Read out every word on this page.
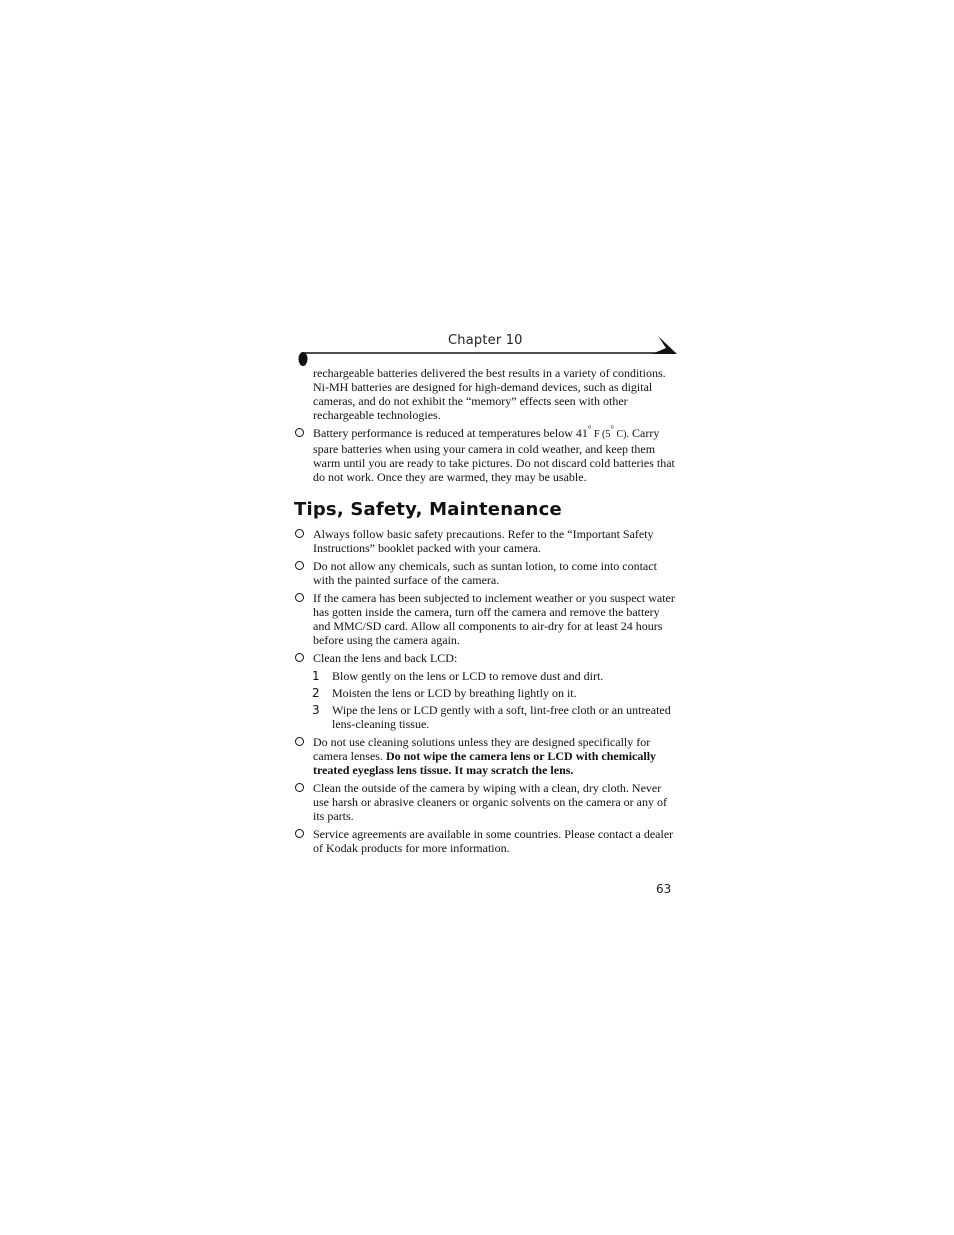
Chapter 10

rechargeable batteries delivered the best results in a variety of conditions. Ni-MH batteries are designed for high-demand devices, such as digital cameras, and do not exhibit the “memory” effects seen with other rechargeable technologies.

Battery performance is reduced at temperatures below 41° F (5° C). Carry spare batteries when using your camera in cold weather, and keep them warm until you are ready to take pictures. Do not discard cold batteries that do not work. Once they are warmed, they may be usable.

Tips, Safety, Maintenance

Always follow basic safety precautions. Refer to the “Important Safety Instructions” booklet packed with your camera.

Do not allow any chemicals, such as suntan lotion, to come into contact with the painted surface of the camera.

If the camera has been subjected to inclement weather or you suspect water has gotten inside the camera, turn off the camera and remove the battery and MMC/SD card. Allow all components to air-dry for at least 24 hours before using the camera again.

Clean the lens and back LCD:

1 Blow gently on the lens or LCD to remove dust and dirt.

2 Moisten the lens or LCD by breathing lightly on it.

3 Wipe the lens or LCD gently with a soft, lint-free cloth or an untreated lens-cleaning tissue.

Do not use cleaning solutions unless they are designed specifically for camera lenses. Do not wipe the camera lens or LCD with chemically treated eyeglass lens tissue. It may scratch the lens.

Clean the outside of the camera by wiping with a clean, dry cloth. Never use harsh or abrasive cleaners or organic solvents on the camera or any of its parts.

Service agreements are available in some countries. Please contact a dealer of Kodak products for more information.

63
